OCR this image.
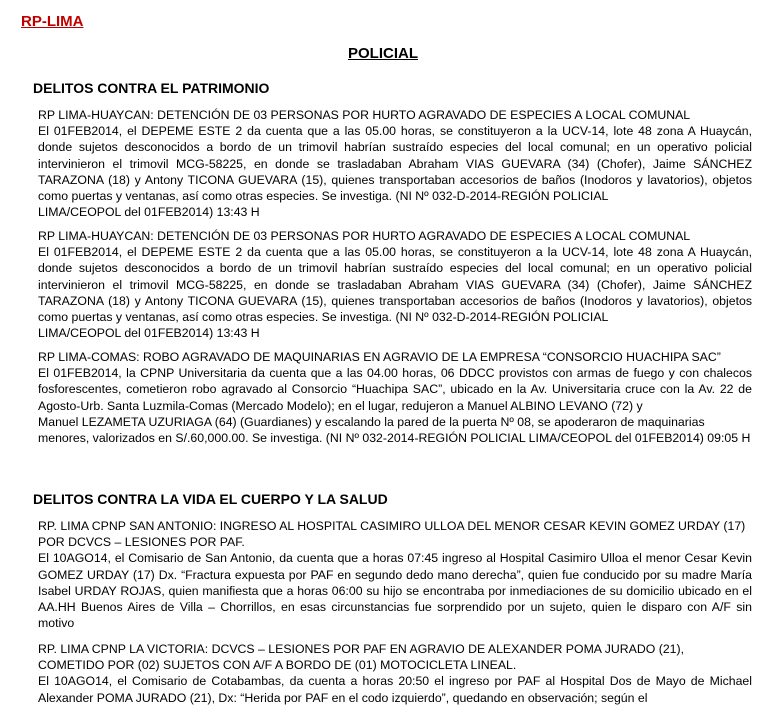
RP-LIMA
POLICIAL
DELITOS CONTRA EL PATRIMONIO

RP LIMA-HUAYCAN: DETENCIÓN DE 03 PERSONAS POR HURTO AGRAVADO DE ESPECIES A LOCAL COMUNAL

El 01FEB2014, el DEPEME ESTE 2 da cuenta que a las 05.00 horas, se constituyeron a la UCV-14, lote 48 zona A Huaycán, donde sujetos desconocidos a bordo de un trimovil habrían sustraído especies del local comunal; en un operativo policial intervinieron el trimovil MCG-58225, en donde se trasladaban Abraham VIAS GUEVARA (34) (Chofer), Jaime SÁNCHEZ TARAZONA (18) y Antony TICONA GUEVARA (15), quienes transportaban accesorios de baños (Inodoros y lavatorios), objetos como puertas y ventanas, así como otras especies. Se investiga. (NI Nº 032-D-2014-REGIÓN POLICIAL

LIMA/CEOPOL del 01FEB2014) 13:43 H

RP LIMA-HUAYCAN: DETENCIÓN DE 03 PERSONAS POR HURTO AGRAVADO DE ESPECIES A LOCAL COMUNAL

El 01FEB2014, el DEPEME ESTE 2 da cuenta que a las 05.00 horas, se constituyeron a la UCV-14, lote 48 zona A Huaycán, donde sujetos desconocidos a bordo de un trimovil habrían sustraído especies del local comunal; en un operativo policial intervinieron el trimovil MCG-58225, en donde se trasladaban Abraham VIAS GUEVARA (34) (Chofer), Jaime SÁNCHEZ TARAZONA (18) y Antony TICONA GUEVARA (15), quienes transportaban accesorios de baños (Inodoros y lavatorios), objetos como puertas y ventanas, así como otras especies. Se investiga. (NI Nº 032-D-2014-REGIÓN POLICIAL

LIMA/CEOPOL del 01FEB2014) 13:43 H

RP LIMA-COMAS: ROBO AGRAVADO DE MAQUINARIAS EN AGRAVIO DE LA EMPRESA “CONSORCIO HUACHIPA SAC”

El 01FEB2014, la CPNP Universitaria da cuenta que a las 04.00 horas, 06 DDCC provistos con armas de fuego y con chalecos fosforescentes, cometieron robo agravado al Consorcio “Huachipa SAC”, ubicado en la Av. Universitaria cruce con la Av. 22 de Agosto-Urb. Santa Luzmila-Comas (Mercado Modelo); en el lugar, redujeron a Manuel ALBINO LEVANO (72) y

Manuel LEZAMETA UZURIAGA (64) (Guardianes) y escalando la pared de la puerta Nº 08, se apoderaron de maquinarias menores, valorizados en S/.60,000.00. Se investiga. (NI Nº 032-2014-REGIÓN POLICIAL LIMA/CEOPOL del 01FEB2014) 09:05 H

DELITOS CONTRA LA VIDA EL CUERPO Y LA SALUD

RP. LIMA CPNP SAN ANTONIO: INGRESO AL HOSPITAL CASIMIRO ULLOA DEL MENOR CESAR KEVIN GOMEZ URDAY (17) POR DCVCS – LESIONES POR PAF.

El 10AGO14, el Comisario de San Antonio, da cuenta que a horas 07:45 ingreso al Hospital Casimiro Ulloa el menor Cesar Kevin GOMEZ URDAY (17) Dx. “Fractura expuesta por PAF en segundo dedo mano derecha”, quien fue conducido por su madre María Isabel URDAY ROJAS, quien manifiesta que a horas 06:00 su hijo se encontraba por inmediaciones de su domicilio ubicado en el AA.HH Buenos Aires de Villa – Chorrillos, en esas circunstancias fue sorprendido por un sujeto, quien le disparo con A/F sin motivo

RP. LIMA CPNP LA VICTORIA: DCVCS – LESIONES POR PAF EN AGRAVIO DE ALEXANDER POMA JURADO (21), COMETIDO POR (02) SUJETOS CON A/F A BORDO DE (01) MOTOCICLETA LINEAL.

El 10AGO14, el Comisario de Cotabambas, da cuenta a horas 20:50 el ingreso por PAF al Hospital Dos de Mayo de Michael Alexander POMA JURADO (21), Dx: “Herida por PAF en el codo izquierdo”, quedando en observación; según el
